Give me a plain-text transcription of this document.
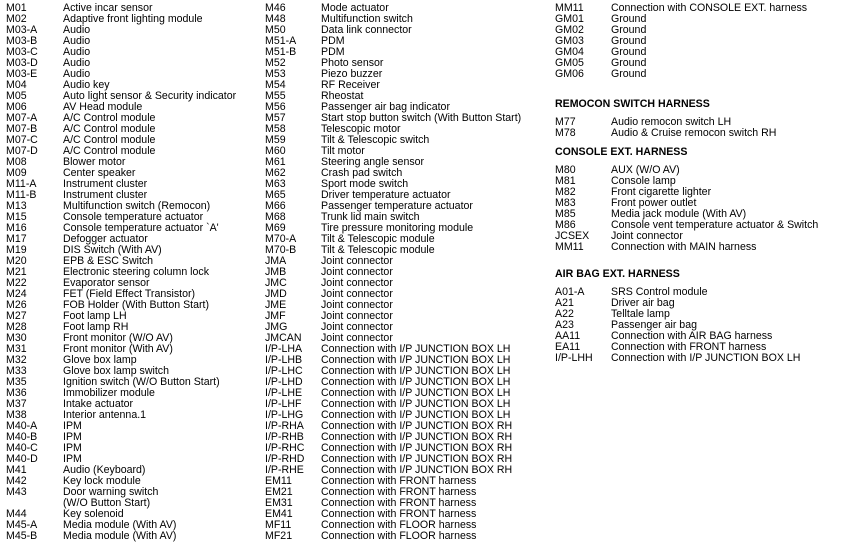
M01	Active incar sensor
M02	Adaptive front lighting module
M03-A Audio
M03-B Audio
M03-C Audio
M03-D Audio
M03-E Audio
M04	Audio key
M05	Auto light sensor & Security indicator
M06	AV Head module
M07-A A/C Control module
M07-B A/C Control module
M07-C A/C Control module
M07-D A/C Control module
M08	Blower motor
M09	Center speaker
M11-A	Instrument cluster
M11-B	Instrument cluster
M13	Multifunction switch (Remocon)
M15	Console temperature actuator
M16	Console temperature actuator `A'
M17	Defogger actuator
M19	DIS Switch (With AV)
M20	EPB & ESC Switch
M21	Electronic steering column lock
M22	Evaporator sensor
M24	FET (Field Effect Transistor)
M26	FOB Holder (With Button Start)
M27	Foot lamp LH
M28	Foot lamp RH
M30	Front monitor (W/O AV)
M31	Front monitor (With AV)
M32	Glove box lamp
M33	Glove box lamp switch
M35	Ignition switch (W/O Button Start)
M36	Immobilizer module
M37	Intake actuator
M38	Interior antenna.1
M40-A IPM
M40-B IPM
M40-C IPM
M40-D IPM
M41	Audio (Keyboard)
M42	Key lock module
M43	Door warning switch
(W/O Button Start)
M44	Key solenoid
M45-A Media module (With AV)
M45-B Media module (With AV)
M46	Mode actuator
M48	Multifunction switch
M50	Data link connector
M51-A PDM
M51-B PDM
M52	Photo sensor
M53	Piezo buzzer
M54	RF Receiver
M55	Rheostat
M56	Passenger air bag indicator
M57	Start stop button switch (With Button Start)
M58	Telescopic motor
M59	Tilt & Telescopic switch
M60	Tilt motor
M61	Steering angle sensor
M62	Crash pad switch
M63	Sport mode switch
M65	Driver temperature actuator
M66	Passenger temperature actuator
M68	Trunk lid main switch
M69	Tire pressure monitoring module
M70-A Tilt & Telescopic module
M70-B Tilt & Telescopic module
JMA	Joint connector
JMB	Joint connector
JMC	Joint connector
JMD	Joint connector
JME	Joint connector
JMF	Joint connector
JMG	Joint connector
JMCAN Joint connector
I/P-LHA Connection with I/P JUNCTION BOX LH
I/P-LHB Connection with I/P JUNCTION BOX LH
I/P-LHC Connection with I/P JUNCTION BOX LH
I/P-LHD Connection with I/P JUNCTION BOX LH
I/P-LHE Connection with I/P JUNCTION BOX LH
I/P-LHF Connection with I/P JUNCTION BOX LH
I/P-LHG Connection with I/P JUNCTION BOX LH
I/P-RHA Connection with I/P JUNCTION BOX RH
I/P-RHB Connection with I/P JUNCTION BOX RH
I/P-RHC Connection with I/P JUNCTION BOX RH
I/P-RHD Connection with I/P JUNCTION BOX RH
I/P-RHE Connection with I/P JUNCTION BOX RH
EM11	Connection with FRONT harness
EM21	Connection with FRONT harness
EM31	Connection with FRONT harness
EM41	Connection with FRONT harness
MF11	Connection with FLOOR harness
MF21	Connection with FLOOR harness
MM11	Connection with CONSOLE EXT. harness
GM01	Ground
GM02	Ground
GM03	Ground
GM04	Ground
GM05	Ground
GM06	Ground
REMOCON SWITCH HARNESS
M77	Audio remocon switch LH
M78	Audio & Cruise remocon switch RH
CONSOLE EXT. HARNESS
M80	AUX (W/O AV)
M81	Console lamp
M82	Front cigarette lighter
M83	Front power outlet
M85	Media jack module (With AV)
M86	Console vent temperature actuator & Switch
JCSEX Joint connector
MM11	Connection with MAIN harness
AIR BAG EXT. HARNESS
A01-A	SRS Control module
A21	Driver air bag
A22	Telltale lamp
A23	Passenger air bag
AA11	Connection with AIR BAG harness
EA11	Connection with FRONT harness
I/P-LHH Connection with I/P JUNCTION BOX LH
